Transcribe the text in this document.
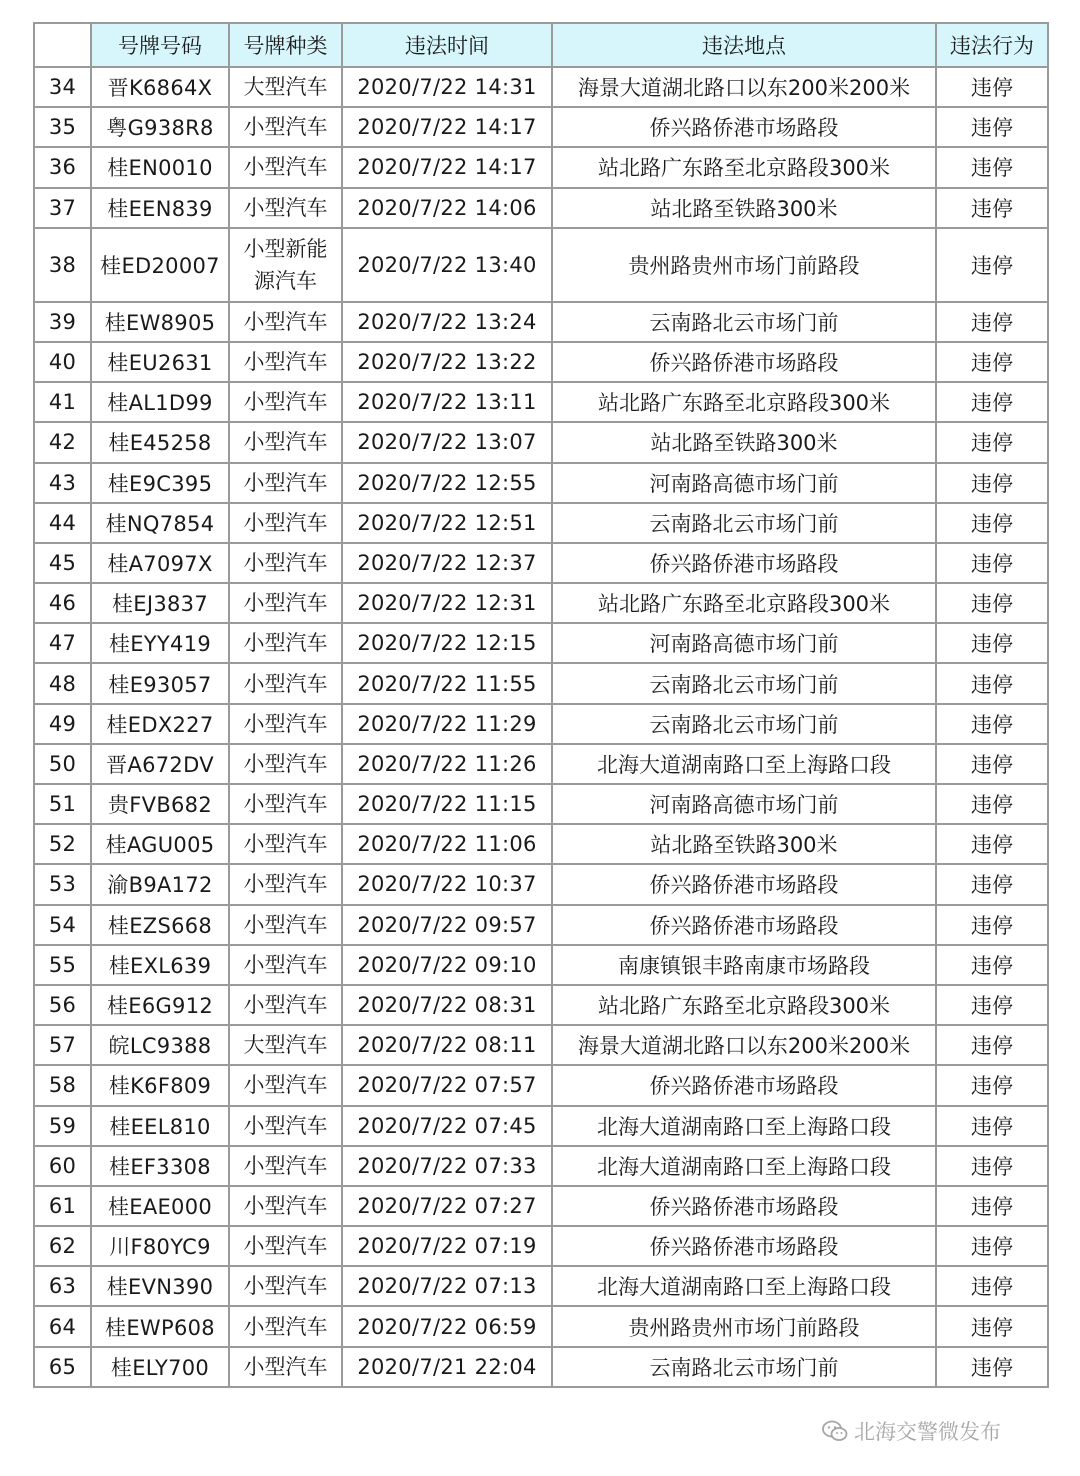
	号牌号码	号牌种类	违法时间	违法地点	违法行为
34	晋K6864X	大型汽车	2020/7/22 14:31	海景大道湖北路口以东200米200米	违停
35	粤G938R8	小型汽车	2020/7/22 14:17	侨兴路侨港市场路段	违停
36	桂EN0010	小型汽车	2020/7/22 14:17	站北路广东路至北京路段300米	违停
37	桂EEN839	小型汽车	2020/7/22 14:06	站北路至铁路300米	违停
38	桂ED20007	小型新能源汽车	2020/7/22 13:40	贵州路贵州市场门前路段	违停
39	桂EW8905	小型汽车	2020/7/22 13:24	云南路北云市场门前	违停
40	桂EU2631	小型汽车	2020/7/22 13:22	侨兴路侨港市场路段	违停
41	桂AL1D99	小型汽车	2020/7/22 13:11	站北路广东路至北京路段300米	违停
42	桂E45258	小型汽车	2020/7/22 13:07	站北路至铁路300米	违停
43	桂E9C395	小型汽车	2020/7/22 12:55	河南路高德市场门前	违停
44	桂NQ7854	小型汽车	2020/7/22 12:51	云南路北云市场门前	违停
45	桂A7097X	小型汽车	2020/7/22 12:37	侨兴路侨港市场路段	违停
46	桂EJ3837	小型汽车	2020/7/22 12:31	站北路广东路至北京路段300米	违停
47	桂EYY419	小型汽车	2020/7/22 12:15	河南路高德市场门前	违停
48	桂E93057	小型汽车	2020/7/22 11:55	云南路北云市场门前	违停
49	桂EDX227	小型汽车	2020/7/22 11:29	云南路北云市场门前	违停
50	晋A672DV	小型汽车	2020/7/22 11:26	北海大道湖南路口至上海路口段	违停
51	贵FVB682	小型汽车	2020/7/22 11:15	河南路高德市场门前	违停
52	桂AGU005	小型汽车	2020/7/22 11:06	站北路至铁路300米	违停
53	渝B9A172	小型汽车	2020/7/22 10:37	侨兴路侨港市场路段	违停
54	桂EZS668	小型汽车	2020/7/22 09:57	侨兴路侨港市场路段	违停
55	桂EXL639	小型汽车	2020/7/22 09:10	南康镇银丰路南康市场路段	违停
56	桂E6G912	小型汽车	2020/7/22 08:31	站北路广东路至北京路段300米	违停
57	皖LC9388	大型汽车	2020/7/22 08:11	海景大道湖北路口以东200米200米	违停
58	桂K6F809	小型汽车	2020/7/22 07:57	侨兴路侨港市场路段	违停
59	桂EEL810	小型汽车	2020/7/22 07:45	北海大道湖南路口至上海路口段	违停
60	桂EF3308	小型汽车	2020/7/22 07:33	北海大道湖南路口至上海路口段	违停
61	桂EAE000	小型汽车	2020/7/22 07:27	侨兴路侨港市场路段	违停
62	川F80YC9	小型汽车	2020/7/22 07:19	侨兴路侨港市场路段	违停
63	桂EVN390	小型汽车	2020/7/22 07:13	北海大道湖南路口至上海路口段	违停
64	桂EWP608	小型汽车	2020/7/22 06:59	贵州路贵州市场门前路段	违停
65	桂ELY700	小型汽车	2020/7/21 22:04	云南路北云市场门前	违停
北海交警微发布
